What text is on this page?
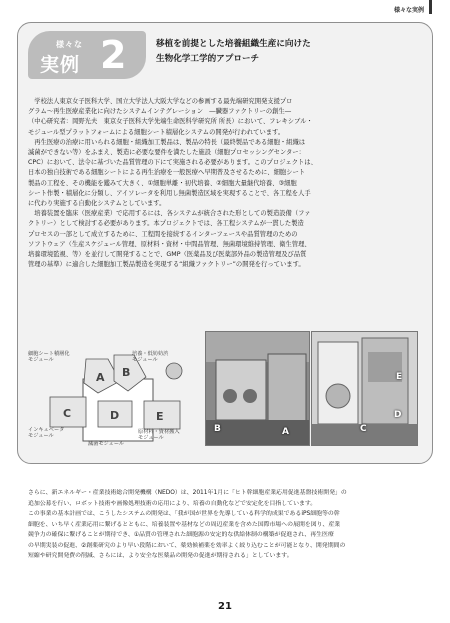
様々な実例
様々な
実例 2	移植を前提とした培養組織生産に向けた
生物化学工学的アプローチ
　学校法人東京女子医科大学、国立大学法人大阪大学などの参画する最先端研究開発支援プロ
グラム～再生医療産業化に向けたシステムインテグレーション　―臓器ファクトリーの創生―
（中心研究者：岡野光夫　東京女子医科大学先端生命医科学研究所 所長）において、フレキシブル・
モジュール型プラットフォームによる細胞シート積層化システムの開発が行われています。
　再生医療の治療に用いられる細胞・組織加工製品は、製品の特長（最終製品である細胞・組織は
滅菌ができない等）をふまえ、製造に必要な要件を満たした施設（細胞プロセッシングセンター：
CPC）において、法令に基づいた品質管理の下にて実施される必要があります。このプロジェクトは、
日本の独自技術である細胞シートによる再生治療を一般医療へ早期普及させるために、細胞シート
製品の工程を、その機能を鑑みて大きく、①細胞単離・初代培養、②細胞大量継代培養、③細胞
シート作製・積層化に分類し、アイソレータを利用し無菌製造区域を実現することで、各工程を人手
に代わり実施する自動化システムとしています。
　培養装置を臨床（医療産業）で応用するには、各システムが統合された形としての製造設備（ファ
クトリー）として検討する必要があります。本プロジェクトでは、各工程システムが一貫した製造
プロセスの一部として成立するために、工程間を接続するインターフェースや品質管理のための
ソフトウェア（生産スケジュール管理、原材料・資材・中間品管理、無菌環境維持管理、衛生管理、
培養環境監視、等）を並行して開発することで、GMP（医薬品及び医薬部外品の製造管理及び品質
管理の基準）に適合した細胞加工製品製造を実現する“組織ファクトリー”の開発を行っています。
A B
C	D	E
細胞シート積層化
モジュール
培養・低妨妨渋
モジュール
インキュベータ
モジュール
滅菌モジュール
原材料・資材搬入
モジュール
B	A
E
C
D
さらに、新エネルギー・産業技術総合開発機構（NEDO）は、2011年1月に「ヒト幹細胞産業応用促進基盤技術開発」の
追加公募を行い、ロボット技術や画像処理技術の応用により、培養の自動化などで安定化を目指しています。
この事業の基本計画では、こうしたシステムの開発は、「我が国が世界を先導している科学的成果であるiPS細胞等の幹
細胞を、いち早く産業応用に繋げるとともに、培養装置や基材などの周辺産業を含めた国際市場への展開を図り、産業
競争力の確保に繋げることが期待でき、①品質の管理された細胞源の安定的な供給体制の構築が促進され、再生医療
の早期実装の促進、②創薬研究のより早い段階において、薬効候補薬を効率よく絞り込むことが可能となり、開発期間の
短縮や研究開発費の削減、さらには、より安全な医薬品の開発の促進が期待される」としています。
21
